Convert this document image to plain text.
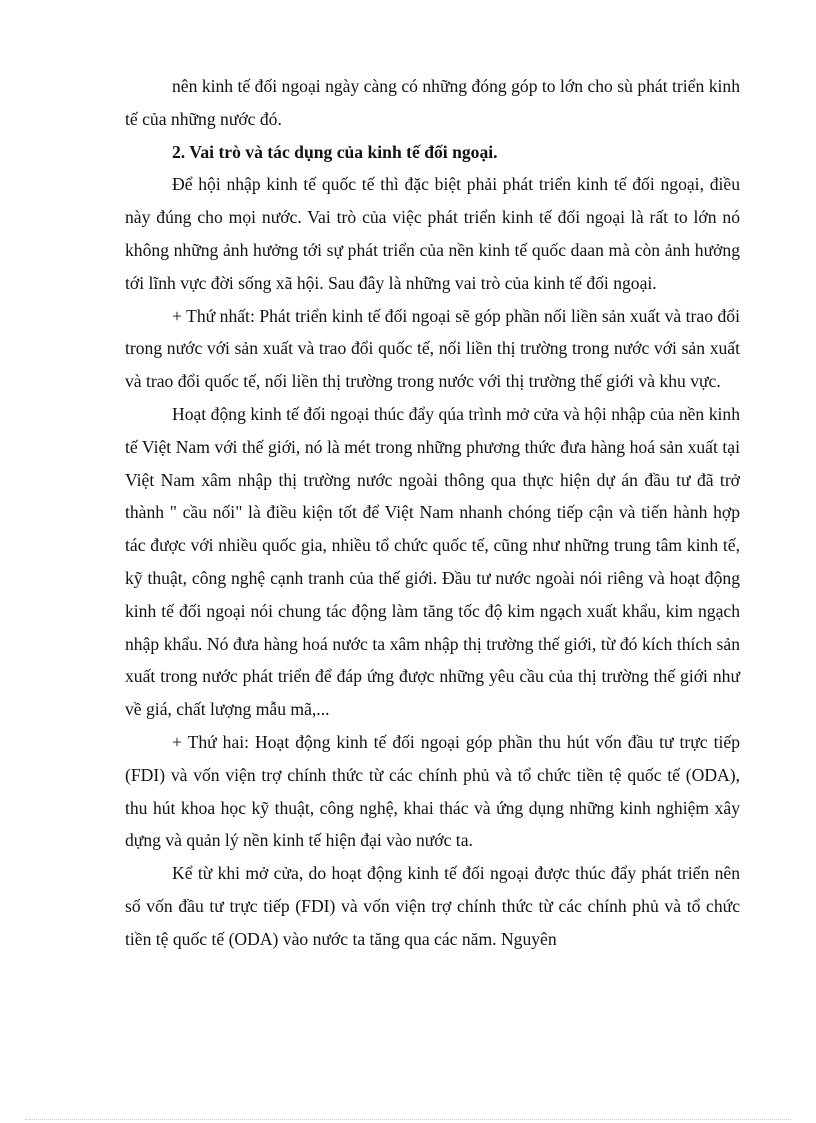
nên kinh tế đối ngoại ngày càng có những đóng góp to lớn cho sù phát triển kinh tế của những nước đó.

2. Vai trò và tác dụng của kinh tế đối ngoại.

Để hội nhập kinh tế quốc tế thì đặc biệt phải phát triển kinh tế đối ngoại, điều này đúng cho mọi nước. Vai trò của việc phát triển kinh tế đối ngoại là rất to lớn nó không những ảnh hưởng tới sự phát triển của nền kinh tế quốc daan mà còn ảnh hưởng tới lĩnh vực đời sống xã hội. Sau đây là những vai trò của kinh tế đối ngoại.

+ Thứ nhất: Phát triển kinh tế đối ngoại sẽ góp phần nối liền sản xuất và trao đổi trong nước với sản xuất và trao đổi quốc tế, nối liền thị trường trong nước với sản xuất và trao đổi quốc tế, nối liền thị trường trong nước với thị trường thế giới và khu vực.

Hoạt động kinh tế đối ngoại thúc đẩy qúa trình mở cửa và hội nhập của nền kinh tế Việt Nam với thế giới, nó là mét trong những phương thức đưa hàng hoá sản xuất tại Việt Nam xâm nhập thị trường nước ngoài thông qua thực hiện dự án đầu tư đã trở thành " cầu nối" là điều kiện tốt để Việt Nam nhanh chóng tiếp cận và tiến hành hợp tác được với nhiều quốc gia, nhiều tổ chức quốc tế, cũng như những trung tâm kinh tế, kỹ thuật, công nghệ cạnh tranh của thế giới. Đầu tư nước ngoài nói riêng và hoạt động kinh tế đối ngoại nói chung tác động làm tăng tốc độ kim ngạch xuất khẩu, kim ngạch nhập khẩu. Nó đưa hàng hoá nước ta xâm nhập thị trường thế giới, từ đó kích thích sản xuất trong nước phát triển để đáp ứng được những yêu cầu của thị trường thế giới như về giá, chất lượng mẫu mã,...

+ Thứ hai: Hoạt động kinh tế đối ngoại góp phần thu hút vốn đầu tư trực tiếp (FDI) và vốn viện trợ chính thức từ các chính phủ và tổ chức tiền tệ quốc tế (ODA), thu hút khoa học kỹ thuật, công nghệ, khai thác và ứng dụng những kinh nghiệm xây dựng và quản lý nền kinh tế hiện đại vào nước ta.

Kể từ khi mở cửa, do hoạt động kinh tế đối ngoại được thúc đẩy phát triển nên số vốn đầu tư trực tiếp (FDI) và vốn viện trợ chính thức từ các chính phủ và tổ chức tiền tệ quốc tế (ODA) vào nước ta tăng qua các năm. Nguyên
